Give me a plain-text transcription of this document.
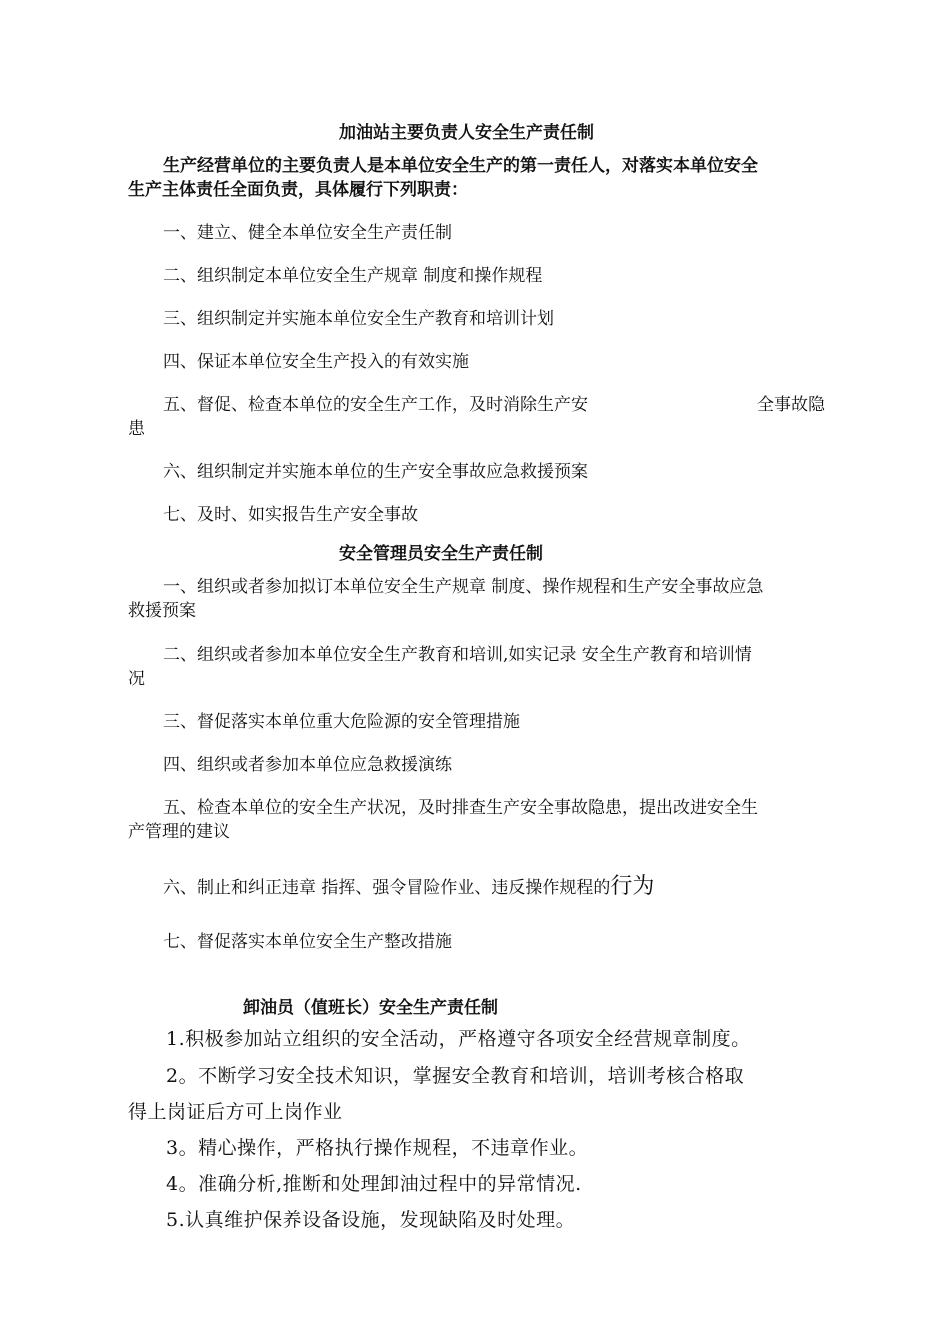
加油站主要负责人安全生产责任制
生产经营单位的主要负责人是本单位安全生产的第一责任人，对落实本单位安全
生产主体责任全面负责，具体履行下列职责：
一、建立、健全本单位安全生产责任制
二、组织制定本单位安全生产规章 制度和操作规程
三、组织制定并实施本单位安全生产教育和培训计划
四、保证本单位安全生产投入的有效实施
五、督促、检查本单位的安全生产工作，及时消除生产安	全事故隐
患
六、组织制定并实施本单位的生产安全事故应急救援预案
七、及时、如实报告生产安全事故
安全管理员安全生产责任制
一、组织或者参加拟订本单位安全生产规章 制度、操作规程和生产安全事故应急
救援预案
二、组织或者参加本单位安全生产教育和培训,如实记录 安全生产教育和培训情
况
三、督促落实本单位重大危险源的安全管理措施
四、组织或者参加本单位应急救援演练
五、检查本单位的安全生产状况，及时排查生产安全事故隐患，提出改进安全生
产管理的建议
六、制止和纠正违章 指挥、强令冒险作业、违反操作规程的行为
七、督促落实本单位安全生产整改措施
卸油员（值班长）安全生产责任制
1.积极参加站立组织的安全活动，严格遵守各项安全经营规章制度。
2。不断学习安全技术知识，掌握安全教育和培训，培训考核合格取
得上岗证后方可上岗作业
3。精心操作，严格执行操作规程，不违章作业。
4。准确分析,推断和处理卸油过程中的异常情况.
5.认真维护保养设备设施，发现缺陷及时处理。
